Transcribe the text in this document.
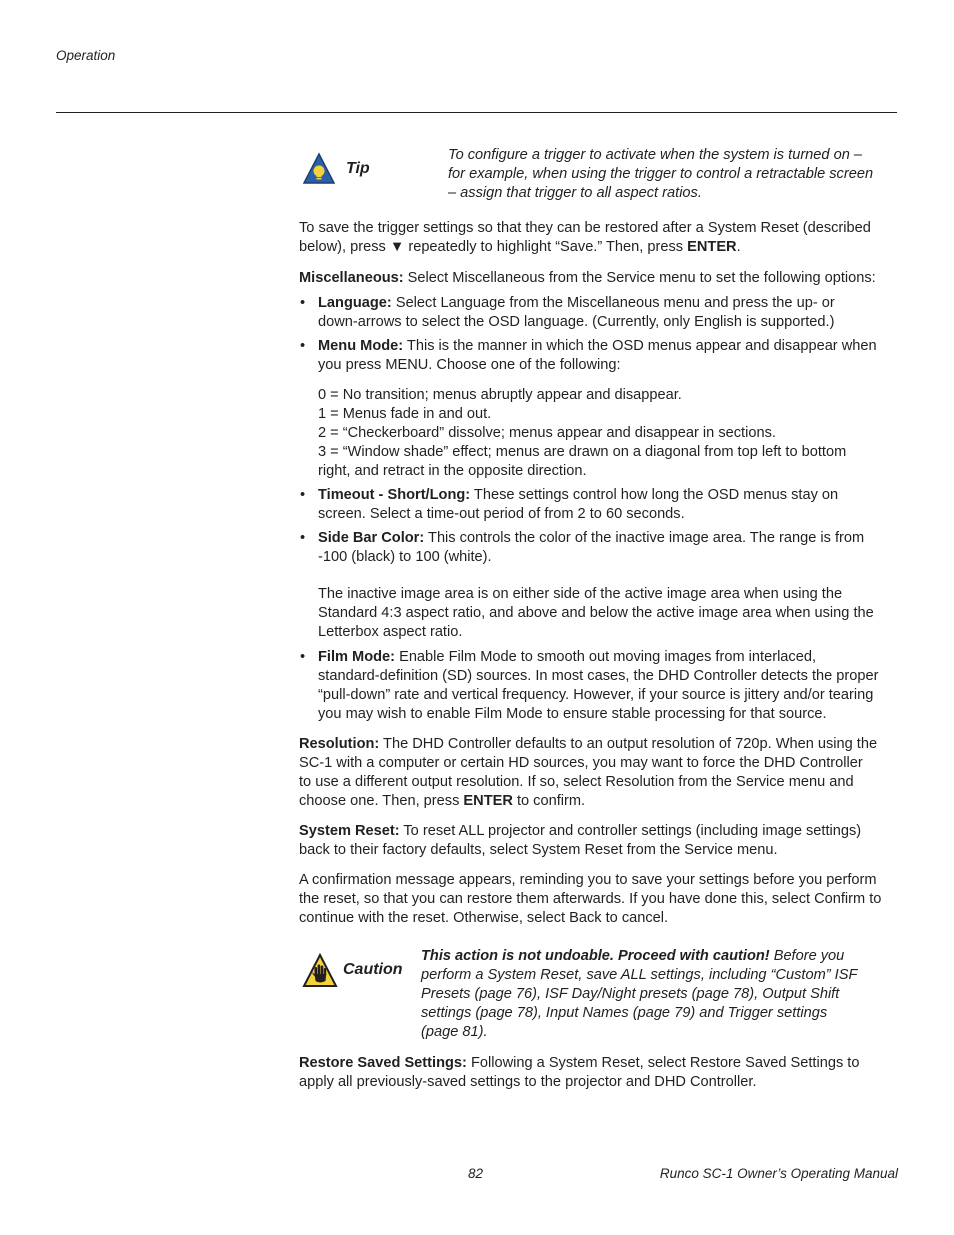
Operation
Tip
To configure a trigger to activate when the system is turned on –
for example, when using the trigger to control a retractable screen
– assign that trigger to all aspect ratios.
To save the trigger settings so that they can be restored after a System Reset (described
below), press ▼ repeatedly to highlight “Save.” Then, press ENTER.
Miscellaneous: Select Miscellaneous from the Service menu to set the following options:
• Language: Select Language from the Miscellaneous menu and press the up- or
down-arrows to select the OSD language. (Currently, only English is supported.)
• Menu Mode: This is the manner in which the OSD menus appear and disappear when
you press MENU. Choose one of the following:
0 = No transition; menus abruptly appear and disappear.
1 = Menus fade in and out.
2 = “Checkerboard” dissolve; menus appear and disappear in sections.
3 = “Window shade” effect; menus are drawn on a diagonal from top left to bottom
right, and retract in the opposite direction.
• Timeout - Short/Long: These settings control how long the OSD menus stay on
screen. Select a time-out period of from 2 to 60 seconds.
• Side Bar Color: This controls the color of the inactive image area. The range is from
-100 (black) to 100 (white).
The inactive image area is on either side of the active image area when using the
Standard 4:3 aspect ratio, and above and below the active image area when using the
Letterbox aspect ratio.
• Film Mode: Enable Film Mode to smooth out moving images from interlaced,
standard-definition (SD) sources. In most cases, the DHD Controller detects the proper
“pull-down” rate and vertical frequency. However, if your source is jittery and/or tearing
you may wish to enable Film Mode to ensure stable processing for that source.
Resolution: The DHD Controller defaults to an output resolution of 720p. When using the
SC-1 with a computer or certain HD sources, you may want to force the DHD Controller
to use a different output resolution. If so, select Resolution from the Service menu and
choose one. Then, press ENTER to confirm.
System Reset: To reset ALL projector and controller settings (including image settings)
back to their factory defaults, select System Reset from the Service menu.
A confirmation message appears, reminding you to save your settings before you perform
the reset, so that you can restore them afterwards. If you have done this, select Confirm to
continue with the reset. Otherwise, select Back to cancel.
Caution
This action is not undoable. Proceed with caution! Before you
perform a System Reset, save ALL settings, including “Custom” ISF
Presets (page 76), ISF Day/Night presets (page 78), Output Shift
settings (page 78), Input Names (page 79) and Trigger settings
(page 81).
Restore Saved Settings: Following a System Reset, select Restore Saved Settings to
apply all previously-saved settings to the projector and DHD Controller.
82	Runco SC-1 Owner’s Operating Manual
